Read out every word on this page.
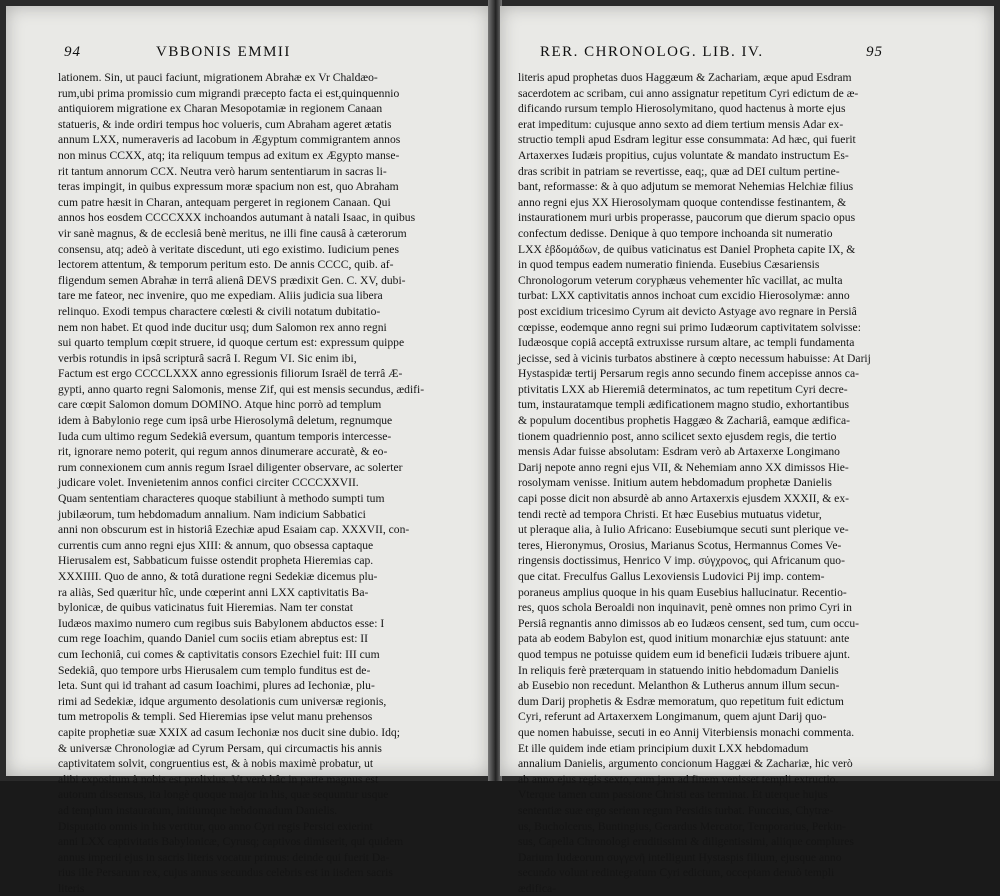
94	VBBONIS EMMII
lationem. Sin, ut pauci faciunt, migrationem Abrahæ ex Vr Chaldæo-
rum,ubi prima promissio cum migrandi præcepto facta ei est,quinquennio
antiquiorem migratione ex Charan Mesopotamiæ in regionem Canaan
statueris, & inde ordiri tempus hoc volueris, cum Abraham ageret ætatis
annum LXX, numeraveris ad Iacobum in Ægyptum commigrantem annos
non minus CCXX, atq; ita reliquum tempus ad exitum ex Ægypto manse-
rit tantum annorum CCX. Neutra verò harum sententiarum in sacras li-
teras impingit, in quibus expressum moræ spacium non est, quo Abraham
cum patre hæsit in Charan, antequam pergeret in regionem Canaan. Qui
annos hos eosdem CCCCXXX inchoandos autumant à natali Isaac, in quibus
vir sanè magnus, & de ecclesiâ benè meritus, ne illi fine causâ à cæterorum
consensu, atq; adeò à veritate discedunt, uti ego existimo. Iudicium penes
lectorem attentum, & temporum peritum esto. De annis CCCC, quib. af-
fligendum semen Abrahæ in terrâ alienâ DEVS prædixit Gen. C. XV, dubi-
tare me fateor, nec invenire, quo me expediam. Aliis judicia sua libera
relinquo. Exodi tempus charactere cœlesti & civili notatum dubitatio-
nem non habet. Et quod inde ducitur usq; dum Salomon rex anno regni
sui quarto templum cœpit struere, id quoque certum est: expressum quippe
verbis rotundis in ipsâ scripturâ sacrâ I. Regum VI. Sic enim ibi,
Factum est ergo CCCCLXXX anno egressionis filiorum Israël de terrâ Æ-
gypti, anno quarto regni Salomonis, mense Zif, qui est mensis secundus, ædifi-
care cœpit Salomon domum DOMINO. Atque hinc porrò ad templum
idem à Babylonio rege cum ipsâ urbe Hierosolymâ deletum, regnumque
Iuda cum ultimo regum Sedekiâ eversum, quantum temporis intercesse-
rit, ignorare nemo poterit, qui regum annos dinumerare accuratè, & eo-
rum connexionem cum annis regum Israel diligenter observare, ac solerter
judicare volet. Invenietenim annos confici circiter CCCCXXVII.
Quam sententiam characteres quoque stabiliunt à methodo sumpti tum
jubilæorum, tum hebdomadum annalium. Nam indicium Sabbatici
anni non obscurum est in historiâ Ezechiæ apud Esaiam cap. XXXVII, con-
currentis cum anno regni ejus XIII: & annum, quo obsessa captaque
Hierusalem est, Sabbaticum fuisse ostendit propheta Hieremias cap.
XXXIIII. Quo de anno, & totâ duratione regni Sedekiæ dicemus plu-
ra aliàs, Sed quæritur hîc, unde cœperint anni LXX captivitatis Ba-
bylonicæ, de quibus vaticinatus fuit Hieremias. Nam ter constat
Iudæos maximo numero cum regibus suis Babylonem abductos esse: I
cum rege Ioachim, quando Daniel cum sociis etiam abreptus est: II
cum Iechoniâ, cui comes & captivitatis consors Ezechiel fuit: III cum
Sedekiâ, quo tempore urbs Hierusalem cum templo funditus est de-
leta. Sunt qui id trahant ad casum Ioachimi, plures ad Iechoniæ, plu-
rimi ad Sedekiæ, idque argumento desolationis cum universæ regionis,
tum metropolis & templi. Sed Hieremias ipse velut manu prehensos
capite prophetiæ suæ XXIX ad casum Iechoniæ nos ducit sine dubio. Idq;
& universæ Chronologiæ ad Cyrum Persam, qui circumactis his annis
captivitatem solvit, congruentius est, & à nobis maximè probatur, ut
alibi expositum à nobis est prolixius. Vt verò hâc in parte magnus est
autorum dissensus, ita longè quoque major in his, quæ sequuntur usque
ad templum instauratum, initiumque hebdomadum Danielis.
Disputatio omnis in his vertitur, quo anno Cyri regis Persici exierint
anni LXX captivitatis Babylonicæ, Cyrusq; captivos dimiserit, qui quidem
annus imperii ejus in sacris literis vocatur primus: deinde qui fuerit Da-
rius ille Persarum rex, cujus annus secundus celebris est in iisdem sacris
literis
RER. CHRONOLOG. LIB. IV.	95
literis apud prophetas duos Haggæum & Zachariam, æque apud Esdram
sacerdotem ac scribam, cui anno assignatur repetitum Cyri edictum de æ-
dificando rursum templo Hierosolymitano, quod hactenus à morte ejus
erat impeditum: cujusque anno sexto ad diem tertium mensis Adar ex-
structio templi apud Esdram legitur esse consummata: Ad hæc, qui fuerit
Artaxerxes Iudæis propitius, cujus voluntate & mandato instructum Es-
dras scribit in patriam se revertisse, eaq;, quæ ad DEI cultum pertine-
bant, reformasse: & à quo adjutum se memorat Nehemias Helchiæ filius
anno regni ejus XX Hierosolymam quoque contendisse festinantem, &
instaurationem muri urbis properasse, paucorum que dierum spacio opus
confectum dedisse. Denique à quo tempore inchoanda sit numeratio
LXX ἑβδομάδων, de quibus vaticinatus est Daniel Propheta capite IX, &
in quod tempus eadem numeratio finienda. Eusebius Cæsariensis
Chronologorum veterum coryphæus vehementer hîc vacillat, ac multa
turbat: LXX captivitatis annos inchoat cum excidio Hierosolymæ: anno
post excidium tricesimo Cyrum ait devicto Astyage avo regnare in Persiâ
cœpisse, eodemque anno regni sui primo Iudæorum captivitatem solvisse:
Iudæosque copiâ acceptâ extruxisse rursum altare, ac templi fundamenta
jecisse, sed à vicinis turbatos abstinere à cœpto necessum habuisse: At Darij
Hystaspidæ tertij Persarum regis anno secundo finem accepisse annos ca-
ptivitatis LXX ab Hieremiâ determinatos, ac tum repetitum Cyri decre-
tum, instauratamque templi ædificationem magno studio, exhortantibus
& populum docentibus prophetis Haggæo & Zachariâ, eamque ædifica-
tionem quadriennio post, anno scilicet sexto ejusdem regis, die tertio
mensis Adar fuisse absolutam: Esdram verò ab Artaxerxe Longimano
Darij nepote anno regni ejus VII, & Nehemiam anno XX dimissos Hie-
rosolymam venisse. Initium autem hebdomadum prophetæ Danielis
capi posse dicit non absurdè ab anno Artaxerxis ejusdem XXXII, & ex-
tendi rectè ad tempora Christi. Et hæc Eusebius mutuatus videtur,
ut pleraque alia, à Iulio Africano: Eusebiumque secuti sunt plerique ve-
teres, Hieronymus, Orosius, Marianus Scotus, Hermannus Comes Ve-
ringensis doctissimus, Henrico V imp. σύγχρονος, qui Africanum quo-
que citat. Freculfus Gallus Lexoviensis Ludovici Pij imp. contem-
poraneus amplius quoque in his quam Eusebius hallucinatur. Recentio-
res, quos schola Beroaldi non inquinavit, penè omnes non primo Cyri in
Persiâ regnantis anno dimissos ab eo Iudæos censent, sed tum, cum occu-
pata ab eodem Babylon est, quod initium monarchiæ ejus statuunt: ante
quod tempus ne potuisse quidem eum id beneficii Iudæis tribuere ajunt.
In reliquis ferè præterquam in statuendo initio hebdomadum Danielis
ab Eusebio non recedunt. Melanthon & Lutherus annum illum secun-
dum Darij prophetis & Esdræ memoratum, quo repetitum fuit edictum
Cyri, referunt ad Artaxerxem Longimanum, quem ajunt Darij quo-
que nomen habuisse, secuti in eo Annij Viterbiensis monachi commenta.
Et ille quidem inde etiam principium duxit LXX hebdomadum
annalium Danielis, argumento concionum Haggæi & Zachariæ, hic verò
ab anno ejus regis sexto, cum jam ad finem venisset templi extructio.
Vterque tamen cum passione Christi eas terminat. Et uterque hujus
sententiæ suæ ergo seriem regum Persidis turbat. Funccius, Chytræ-
us, Bucholcerus, Buntingius, Gerardus Mercator, Temporarius, Perkin-
sus, Capella Chronologi eruditissimi & diligentissimi, aliique complures
Darium Iudæorum συγγενῆ intelligunt Hystaspis filium, ejusque anno
secundo volunt redintegratum Cyri edictum, occeptam denuò templi
ædifica-
